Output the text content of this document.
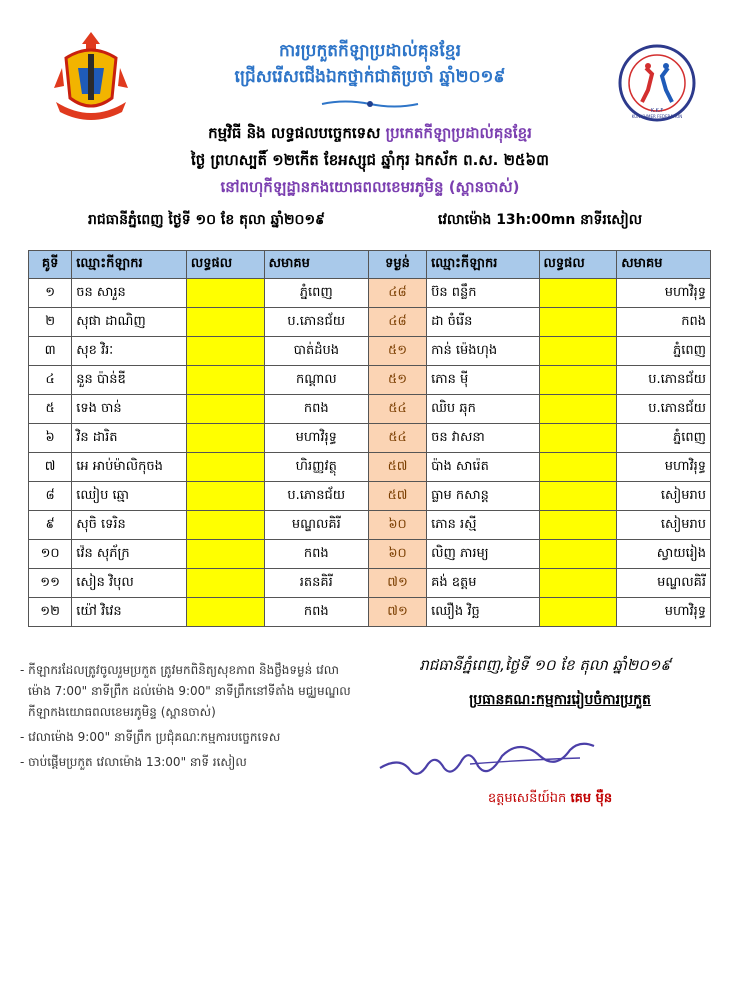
ការប្រកួតកីឡាប្រដាល់គុនខ្មែរ
ជ្រើសរើសជើងឯកថ្នាក់ជាតិប្រចាំ ឆ្នាំ២០១៩
K.K.F
KUN KHMER FEDERATION
កម្មវិធី និង លទ្ធផលបច្ចេកទេស ប្រកេតកីឡាប្រដាល់គុនខ្មែរ
ថ្ងៃ ព្រហស្បតិ៍ ១២កើត ខែអស្សុជ ឆ្នាំកុរ ឯកស័ក ព.ស. ២៥៦៣
នៅពហុកីឡដ្ឋានកងយោធពលខេមរភូមិន្ទ (ស្ពានចាស់)
រាជធានីភ្នំពេញ ថ្ងៃទី ១០ ខែ តុលា ឆ្នាំ២០១៩	វេលាម៉ោង 13h:00mn នាទីរសៀល
គូទី	ឈ្មោះកីឡាករ	លទ្ធផល	សមាគម	ទម្ងន់	ឈ្មោះកីឡាករ	លទ្ធផល	សមាគម
១	ចន សារួន		ភ្នំពេញ	៤៨	ប៊ន ពន្លឹក		មហាវិរុទ្ធ
២	សុផា ដាណិញ		ប.ភោនជ័យ	៤៨	ដា ចំរើន		កពង
៣	សុខ វិរៈ		បាត់ដំបង	៥១	កាន់ ម៉េងហុង		ភ្នំពេញ
៤	នួន ប៉ាន់ឌី		កណ្តាល	៥១	ភោន ម៉ី		ប.ភោនជ័យ
៥	ទេង ចាន់		កពង	៥៤	ឈិប ឆុក		ប.ភោនជ័យ
៦	វិន ដារិត		មហាវិរុទ្ធ	៥៤	ចន វាសនា		ភ្នំពេញ
៧	អេ អាប់ម៉ាលិកុចង		ហិរញ្ញវត្ថុ	៥៧	ប៉ាង សារ៉េត		មហាវិរុទ្ធ
៨	ឈៀប ឆ្មោ		ប.ភោនជ័យ	៥៧	ធ្លាម កសាន្ត		សៀមរាប
៩	សុចិ ទេរិន		មណ្ឌលគិរី	៦០	ភោន រស្មី		សៀមរាប
១០	វ៉េន សុភ័ក្រ		កពង	៦០	លិញ ភារម្យ		ស្វាយរៀង
១១	សៀន វិបុល		រតនគិរី	៧១	គង់ ឧត្តម		មណ្ឌលគិរី
១២	យ៉ៅ វិវេន		កពង	៧១	ឈឿង វិច្ឆ		មហាវិរុទ្ធ

- កីឡាករដែលត្រូវចូលរួមប្រកួត ត្រូវមកពិនិត្យសុខភាព និងថ្លឹងទម្ងន់ វេលាម៉ោង 7:00" នាទីព្រឹក ដល់ម៉ោង 9:00" នាទីព្រឹកនៅទីតាំង មជ្ឈមណ្ឌលកីឡាកងយោធពលខេមរភូមិន្ទ (ស្ពានចាស់)

- វេលាម៉ោង 9:00" នាទីព្រឹក ប្រជុំគណៈកម្មការបច្ចេកទេស

- ចាប់ផ្តើមប្រកួត វេលាម៉ោង 13:00" នាទី រសៀល

រាជធានីភ្នំពេញ,ថ្ងៃទី ១០ ខែ តុលា ឆ្នាំ២០១៩
ប្រធានគណ:កម្មការរៀបចំការប្រកួត
ឧត្តមសេនីយ៍ឯក គេម ម៉ឺន
